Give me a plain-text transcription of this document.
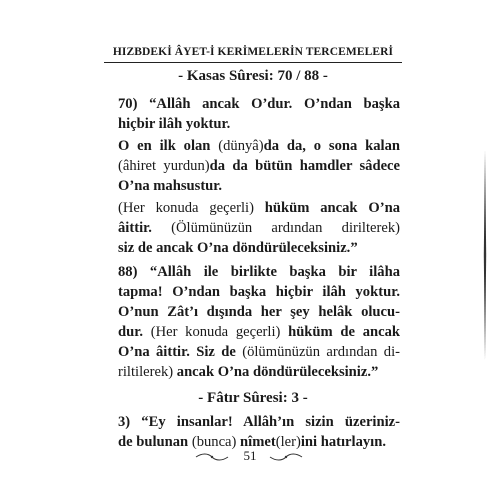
HIZBDEKİ ÂYET-İ KERİMELERİN TERCEMELERİ
- Kasas Sûresi: 70 / 88 -
70) “Allâh ancak O’dur. O’ndan başka
hiçbir ilâh yoktur.
O en ilk olan (dünyâ)da da, o sona kalan
(âhiret yurdun)da da bütün hamdler sâdece
O’na mahsustur.
(Her konuda geçerli) hüküm ancak O’na
âittir. (Ölümünüzün ardından dirilterek)
siz de ancak O’na döndürüleceksiniz.”
88) “Allâh ile birlikte başka bir ilâha
tapma! O’ndan başka hiçbir ilâh yoktur.
O’nun Zât’ı dışında her şey helâk olucu-
dur. (Her konuda geçerli) hüküm de ancak
O’na âittir. Siz de (ölümünüzün ardından di-
riltilerek) ancak O’na döndürüleceksiniz.”
- Fâtır Sûresi: 3 -
3) “Ey insanlar! Allâh’ın sizin üzeriniz-
de bulunan (bunca) nîmet(ler)ini hatırlayın.
51
